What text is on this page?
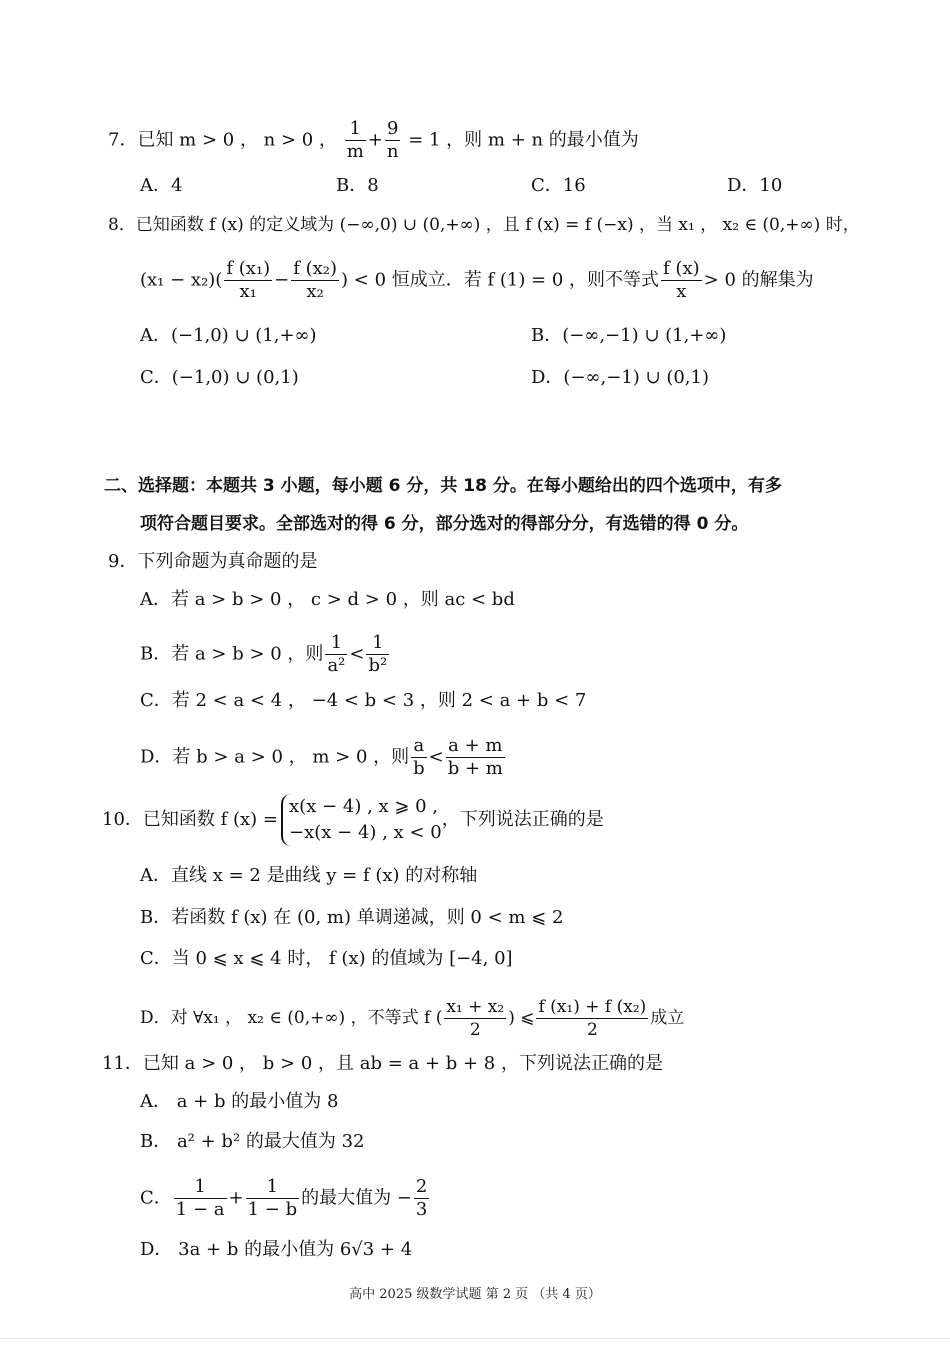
7．已知 m > 0 ， n > 0 ， $\frac{1}{m} + \frac{9}{n} = 1$ ，则 m + n 的最小值为
A．4	B．8	C．16	D．10
8．已知函数 f (x) 的定义域为 (−∞,0) ∪ (0,+∞) ，且 f (x) = f (−x) ，当 x₁ ， x₂ ∈ (0,+∞) 时，
$(x_1 - x_2)( \frac{\text{f (x₁)}}{\text{x₁}} - \frac{\text{f (x₂)}}{\text{x₂}}$ ) < 0 恒成立．若 f (1) = 0 ，则不等式 $\frac{f (x)}{x} > 0$ 的解集为
A．(−1,0) ∪ (1,+∞)	B．(−∞,−1) ∪ (1,+∞)
C．(−1,0) ∪ (0,1)	D．(−∞,−1) ∪ (0,1)
二、选择题：本题共 3 小题，每小题 6 分，共 18 分。在每小题给出的四个选项中，有多
项符合题目要求。全部选对的得 6 分，部分选对的得部分分，有选错的得 0 分。
9．下列命题为真命题的是
A．若 a > b > 0 ， c > d > 0 ，则 ac < bd
B．若 a > b > 0 ，则 $\frac{1}{\text{a²}} < \frac{1}{\text{b²}}$
C．若 2 < a < 4 ， −4 < b < 3 ，则 2 < a + b < 7
D．若 b > a > 0 ， m > 0 ，则 $\frac{a}{b} < \frac{a + m}{b + m}$
10．已知函数 f (x) =
x(x − 4) , x ⩾ 0 ,
−x(x − 4) , x < 0
，下列说法正确的是
A．直线 x = 2 是曲线 y = f (x) 的对称轴
B．若函数 f (x) 在 (0, m) 单调递减，则 0 < m ⩽ 2
C．当 0 ⩽ x ⩽ 4 时， f (x) 的值域为 [−4, 0]
D．对 ∀x₁ ， x₂ ∈ (0,+∞) ，不等式 f ( $\frac{\text{x₁ + x₂}}{2}$ ) ⩽ $\frac{\text{f (x₁) + f (x₂)}}{2}$ 成立
11．已知 a > 0 ， b > 0 ，且 ab = a + b + 8 ，下列说法正确的是
A． a + b 的最小值为 8
B． a² + b² 的最大值为 32
C． $\frac{1}{1 - a} + \frac{1}{1 - b}$ 的最大值为 − $\frac{2}{3}$
D． 3a + b 的最小值为 6√3 + 4
高中 2025 级数学试题 第 2 页 （共 4 页）
